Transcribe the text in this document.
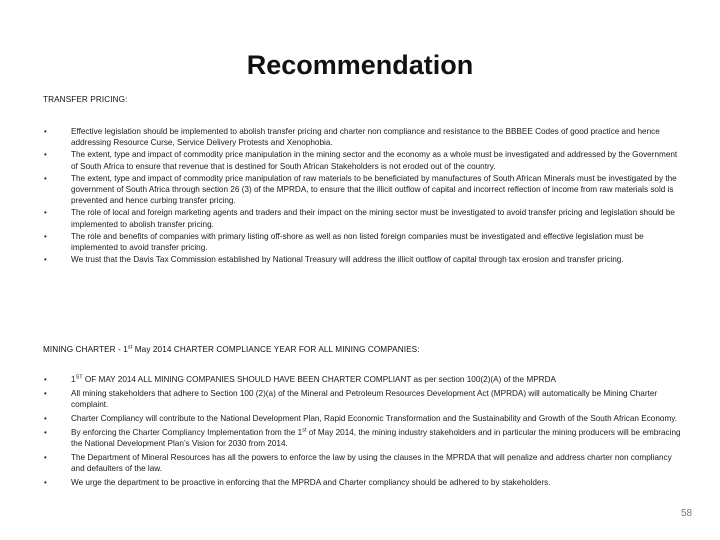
Recommendation
TRANSFER PRICING:
•	Effective legislation should be implemented to abolish transfer pricing and charter non compliance and resistance to the BBBEE Codes of good practice and hence addressing Resource Curse, Service Delivery Protests and Xenophobia.
•	The extent, type and impact of commodity price manipulation in the mining sector and the economy as a whole must be investigated and addressed by the Government of South Africa to ensure that revenue that is destined for South African Stakeholders is not eroded out of the country.
•	The extent, type and impact of commodity price manipulation of raw materials to be beneficiated by manufactures of South African Minerals must be investigated by the government of South Africa through section 26 (3) of the MPRDA, to ensure that the illicit outflow of capital and incorrect reflection of income from raw materials sold is prevented and hence curbing transfer pricing.
•	The role of local and foreign marketing agents and traders and their impact on the mining sector must be investigated to avoid transfer pricing and legislation should be implemented to abolish transfer pricing.
•	The role and benefits of companies with primary listing off-shore as well as non listed foreign companies must be investigated and effective legislation must be implemented to avoid transfer pricing.
•	We trust that the Davis Tax Commission established by National Treasury will address the illicit outflow of capital through tax erosion and transfer pricing.
MINING CHARTER - 1st May 2014 CHARTER COMPLIANCE YEAR FOR ALL MINING COMPANIES:
•	1ST OF MAY 2014 ALL MINING COMPANIES SHOULD HAVE BEEN CHARTER COMPLIANT as per section 100(2)(A) of the MPRDA
•	All mining stakeholders that adhere to Section 100 (2)(a) of the Mineral and Petroleum Resources Development Act (MPRDA) will automatically be Mining Charter complaint.
•	Charter Compliancy will contribute to the National Development Plan, Rapid Economic Transformation and the Sustainability and Growth of the South African Economy.
•	By enforcing the Charter Compliancy Implementation from the 1st of May 2014, the mining industry stakeholders and in particular the mining producers will be embracing the National Development Plan’s Vision for 2030 from 2014.
•	The Department of Mineral Resources has all the powers to enforce the law by using the clauses in the MPRDA that will penalize and address charter non compliancy and defaulters of the law.
•	We urge the department to be proactive in enforcing that the MPRDA and Charter compliancy should be adhered to by stakeholders.
58
